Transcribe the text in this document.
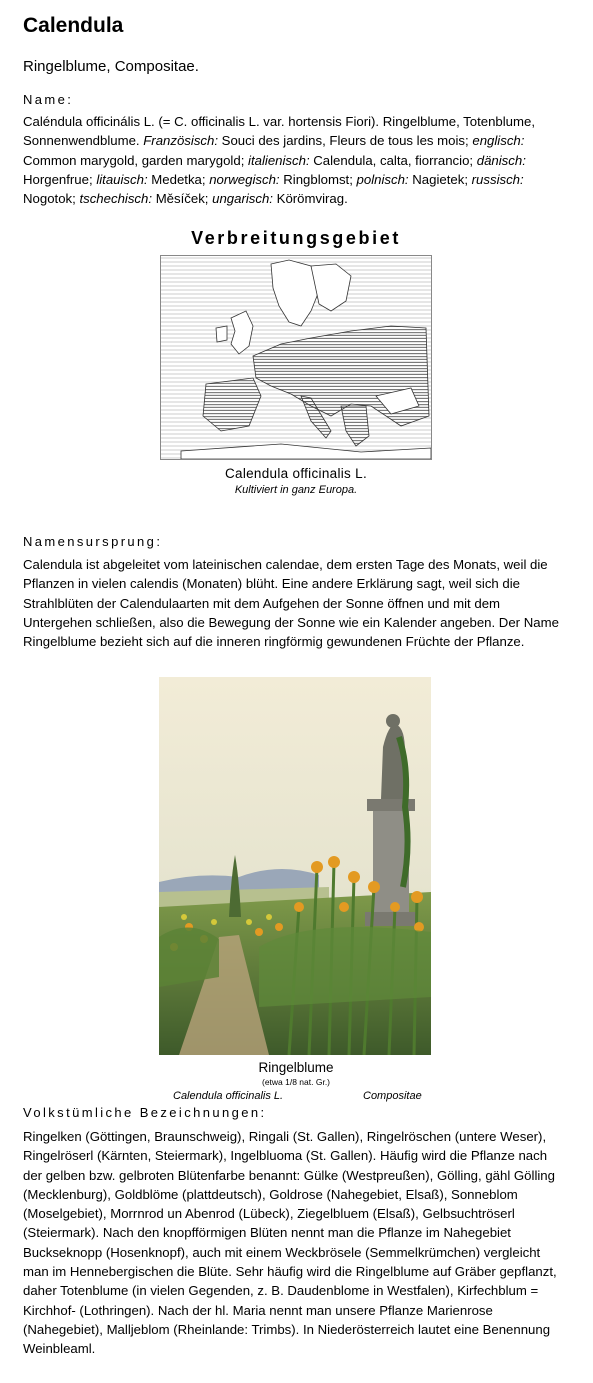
Calendula
Ringelblume, Compositae.
Name:
Caléndula officinális L. (= C. officinalis L. var. hortensis Fiori). Ringelblume, Totenblume, Sonnenwendblume. Französisch: Souci des jardins, Fleurs de tous les mois; englisch: Common marygold, garden marygold; italienisch: Calendula, calta, fiorrancio; dänisch: Horgenfrue; litauisch: Medetka; norwegisch: Ringblomst; polnisch: Nagietek; russisch: Nogotok; tschechisch: Měsíček; ungarisch: Körömvirag.
Verbreitungsgebiet
Calendula officinalis L.
Kultiviert in ganz Europa.
Namensursprung:
Calendula ist abgeleitet vom lateinischen calendae, dem ersten Tage des Monats, weil die Pflanzen in vielen calendis (Monaten) blüht. Eine andere Erklärung sagt, weil sich die Strahlblüten der Calendulaarten mit dem Aufgehen der Sonne öffnen und mit dem Untergehen schließen, also die Bewegung der Sonne wie ein Kalender angeben. Der Name Ringelblume bezieht sich auf die inneren ringförmig gewundenen Früchte der Pflanze.
Ringelblume
(etwa 1/8 nat. Gr.)
Calendula officinalis L.	Compositae
Volkstümliche Bezeichnungen:
Ringelken (Göttingen, Braunschweig), Ringali (St. Gallen), Ringelröschen (untere Weser), Ringelröserl (Kärnten, Steiermark), Ingelbluoma (St. Gallen). Häufig wird die Pflanze nach der gelben bzw. gelbroten Blütenfarbe benannt: Gülke (Westpreußen), Gölling, gähl Gölling (Mecklenburg), Goldblöme (plattdeutsch), Goldrose (Nahegebiet, Elsaß), Sonneblom (Moselgebiet), Morrnrod un Abenrod (Lübeck), Ziegelbluem (Elsaß), Gelbsuchtröserl (Steiermark). Nach den knopfförmigen Blüten nennt man die Pflanze im Nahegebiet Buckseknopp (Hosenknopf), auch mit einem Weckbrösele (Semmelkrümchen) vergleicht man im Hennebergischen die Blüte. Sehr häufig wird die Ringelblume auf Gräber gepflanzt, daher Totenblume (in vielen Gegenden, z. B. Daudenblome in Westfalen), Kirfechblum = Kirchhof- (Lothringen). Nach der hl. Maria nennt man unsere Pflanze Marienrose (Nahegebiet), Malljeblom (Rheinlande: Trimbs). In Niederösterreich lautet eine Benennung Weinbleaml.
